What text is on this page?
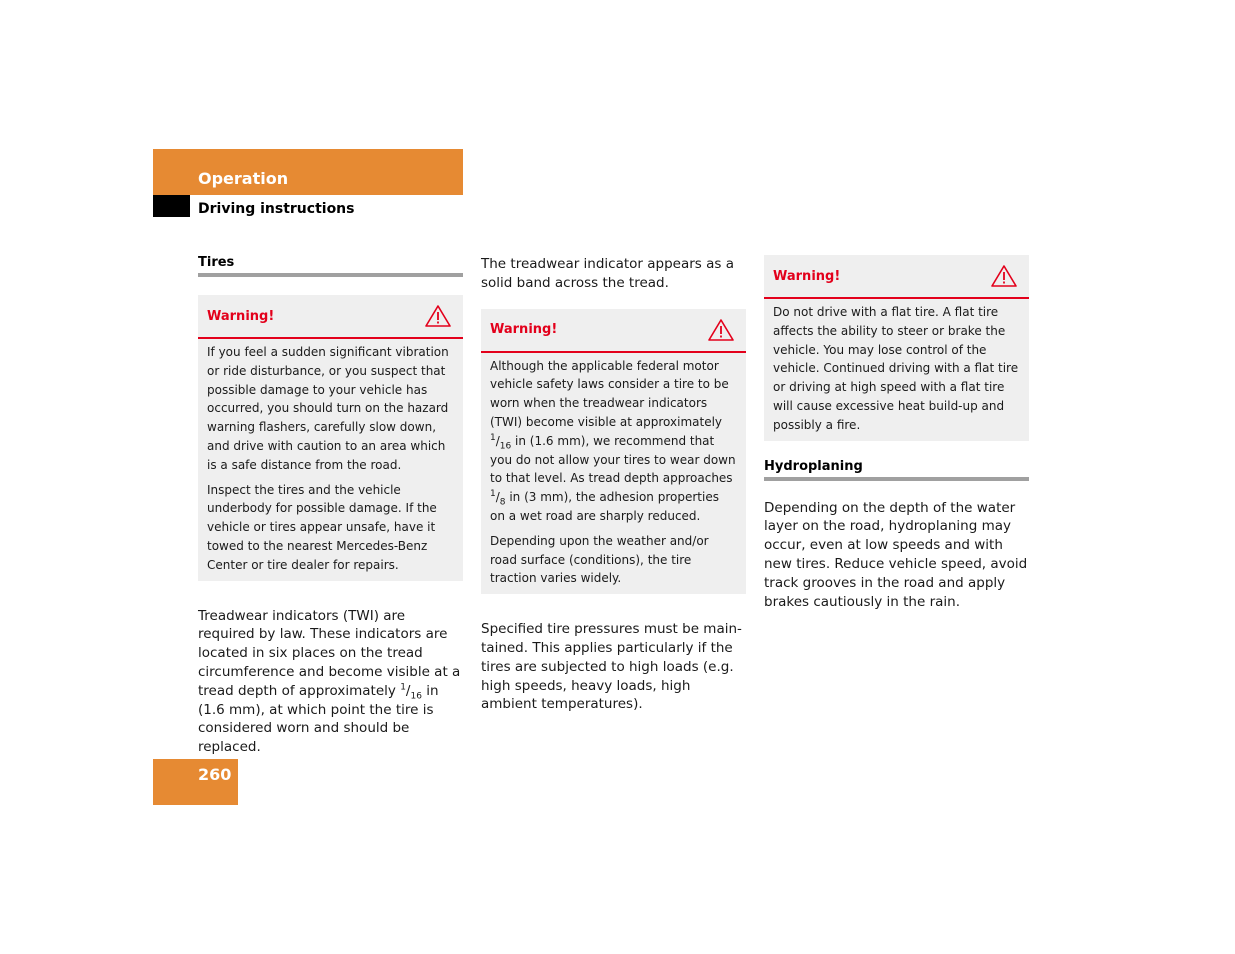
Operation
Driving instructions
Tires
Warning!

If you feel a sudden significant vibration or ride disturbance, or you suspect that possible damage to your vehicle has occurred, you should turn on the hazard warning flashers, carefully slow down, and drive with caution to an area which is a safe distance from the road.

Inspect the tires and the vehicle underbody for possible damage. If the vehicle or tires appear unsafe, have it towed to the nearest Mercedes-Benz Center or tire dealer for repairs.

Treadwear indicators (TWI) are required by law. These indicators are located in six places on the tread circumference and become visible at a tread depth of approximately $^1/_{16}$ in (1.6 mm), at which point the tire is considered worn and should be replaced.

The treadwear indicator appears as a solid band across the tread.

Warning!

Although the applicable federal motor vehicle safety laws consider a tire to be worn when the treadwear indicators (TWI) become visible at approximately $^1/_{16}$ in (1.6 mm), we recommend that you do not allow your tires to wear down to that level. As tread depth approaches $^1/_8$ in (3 mm), the adhesion properties on a wet road are sharply reduced.

Depending upon the weather and/or road surface (conditions), the tire traction varies widely.

Specified tire pressures must be maintained. This applies particularly if the tires are subjected to high loads (e.g. high speeds, heavy loads, high ambient temperatures).

Warning!

Do not drive with a flat tire. A flat tire affects the ability to steer or brake the vehicle. You may lose control of the vehicle. Continued driving with a flat tire or driving at high speed with a flat tire will cause excessive heat build-up and possibly a fire.

Hydroplaning

Depending on the depth of the water layer on the road, hydroplaning may occur, even at low speeds and with new tires. Reduce vehicle speed, avoid track grooves in the road and apply brakes cautiously in the rain.

260
